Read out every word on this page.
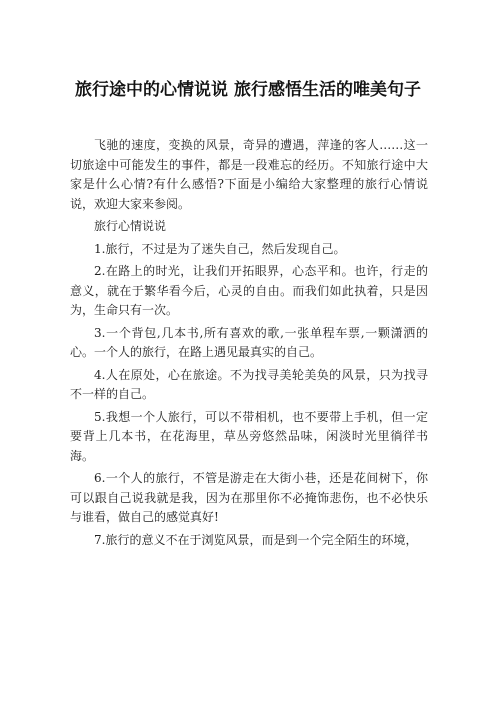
旅行途中的心情说说 旅行感悟生活的唯美句子

飞驰的速度，变换的风景，奇异的遭遇，萍逢的客人……这一切旅途中可能发生的事件，都是一段难忘的经历。不知旅行途中大家是什么心情?有什么感悟?下面是小编给大家整理的旅行心情说说，欢迎大家来参阅。

旅行心情说说

1.旅行，不过是为了迷失自己，然后发现自己。

2.在路上的时光，让我们开拓眼界，心态平和。也许，行走的意义，就在于繁华看今后，心灵的自由。而我们如此执着，只是因为，生命只有一次。

3.一个背包,几本书,所有喜欢的歌,一张单程车票,一颗潇洒的心。一个人的旅行，在路上遇见最真实的自己。

4.人在原处，心在旅途。不为找寻美轮美奂的风景，只为找寻不一样的自己。

5.我想一个人旅行，可以不带相机，也不要带上手机，但一定要背上几本书，在花海里，草丛旁悠然品味，闲淡时光里徜徉书海。

6.一个人的旅行，不管是游走在大街小巷，还是花间树下，你可以跟自己说我就是我，因为在那里你不必掩饰悲伤，也不必快乐与谁看，做自己的感觉真好!

7.旅行的意义不在于浏览风景，而是到一个完全陌生的环境，
